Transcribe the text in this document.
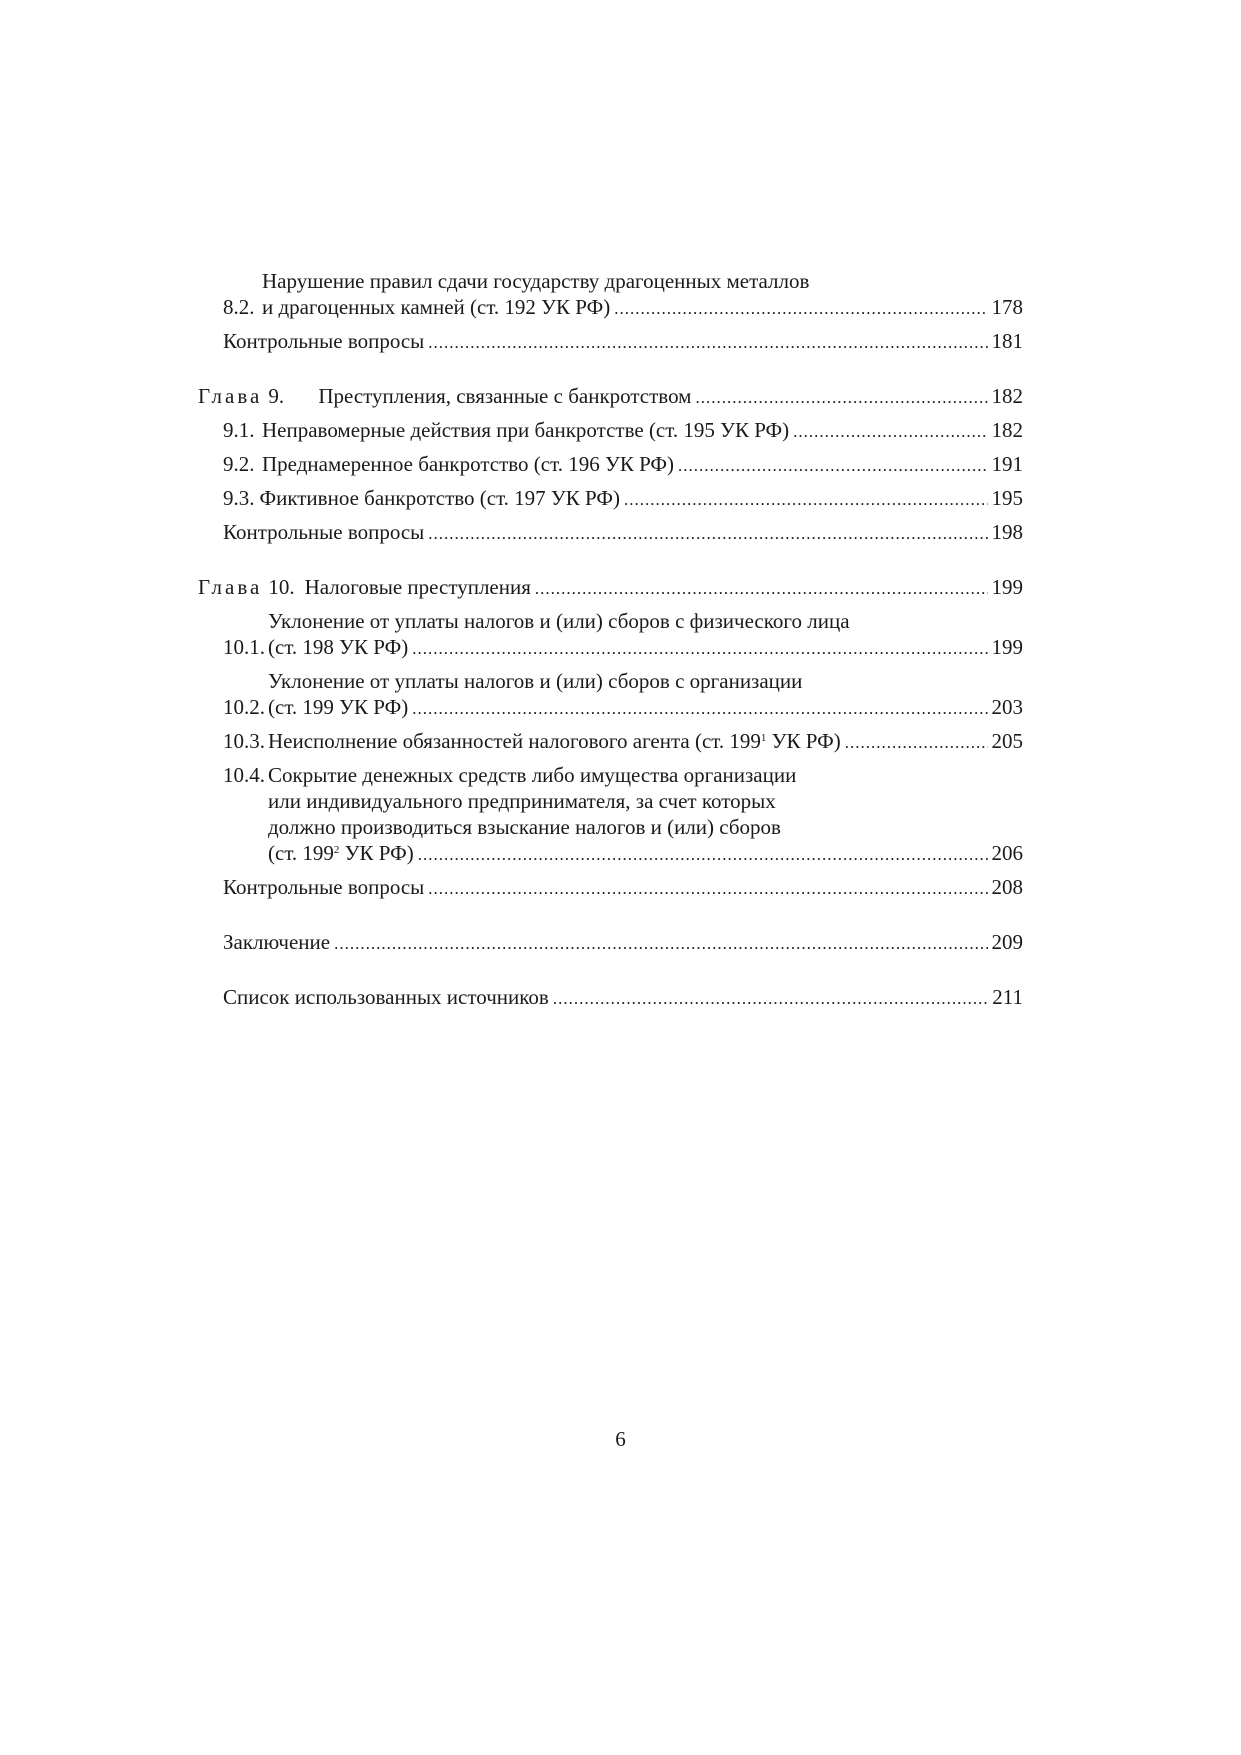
8.2.
Нарушение правил сдачи государству драгоценных металлов
и драгоценных камней (ст. 192 УК РФ) .....	178
Контрольные вопросы .....	181
Глава 9.	Преступления, связанные с банкротством .....	182
9.1. Неправомерные действия при банкротстве (ст. 195 УК РФ) .....	182
9.2. Преднамеренное банкротство (ст. 196 УК РФ) .....	191
9.3. Фиктивное банкротство (ст. 197 УК РФ) .....	195
Контрольные вопросы .....	198
Глава 10. Налоговые преступления .....	199
10.1.
Уклонение от уплаты налогов и (или) сборов с физического лица
(ст. 198 УК РФ) .....	199
10.2.
Уклонение от уплаты налогов и (или) сборов с организации
(ст. 199 УК РФ) .....	203
10.3. Неисполнение обязанностей налогового агента (ст. $199^1$ УК РФ) .....	205
10.4. Сокрытие денежных средств либо имущества организации
или индивидуального предпринимателя, за счет которых
должно производиться взыскание налогов и (или) сборов
(ст. $199^2$ УК РФ) .....	206
Контрольные вопросы .....	208
Заключение .....	209
Список использованных источников .....	211
6
